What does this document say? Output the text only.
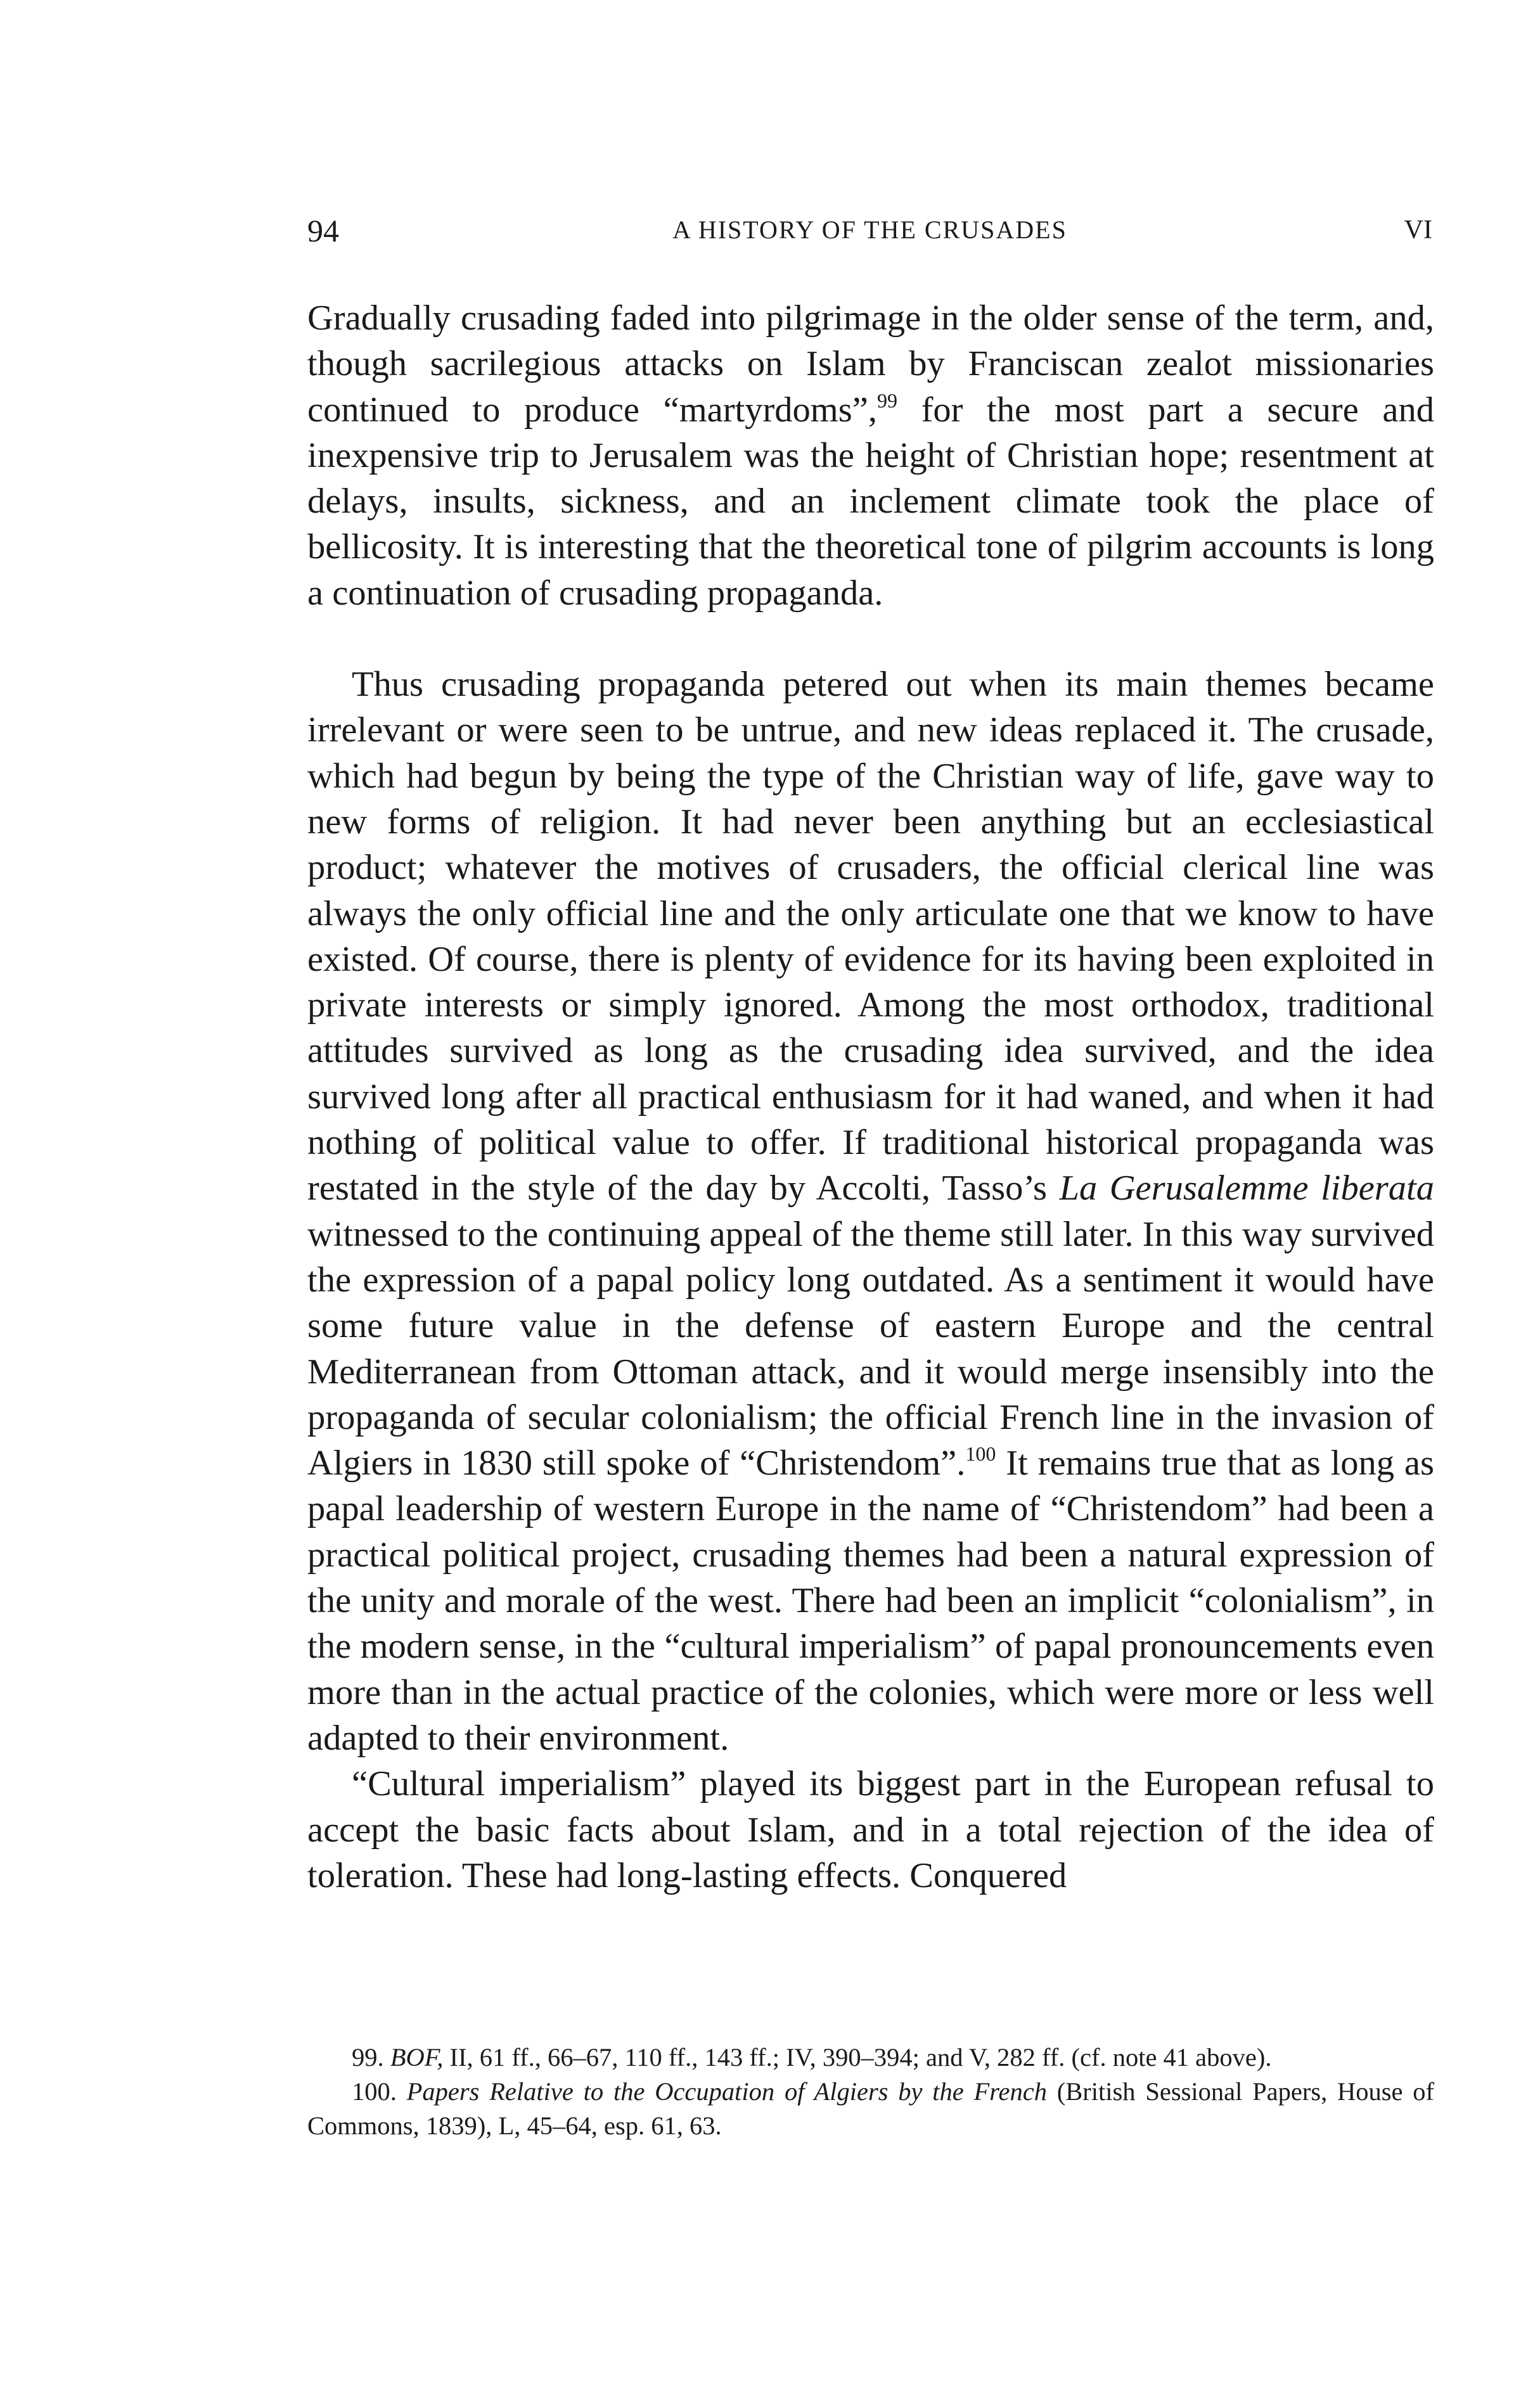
94	A HISTORY OF THE CRUSADES	VI

Gradually crusading faded into pilgrimage in the older sense of the term, and, though sacrilegious attacks on Islam by Franciscan zealot missionaries continued to produce “martyrdoms”,$^{99}$ for the most part a secure and inexpensive trip to Jerusalem was the height of Christian hope; resentment at delays, insults, sickness, and an inclement climate took the place of bellicosity. It is interesting that the theoretical tone of pilgrim accounts is long a continuation of crusading propaganda.

Thus crusading propaganda petered out when its main themes became irrelevant or were seen to be untrue, and new ideas replaced it. The crusade, which had begun by being the type of the Christian way of life, gave way to new forms of religion. It had never been anything but an ecclesiastical product; whatever the motives of crusaders, the official clerical line was always the only official line and the only articulate one that we know to have existed. Of course, there is plenty of evidence for its having been exploited in private interests or simply ignored. Among the most orthodox, traditional attitudes survived as long as the crusading idea survived, and the idea survived long after all practical enthusiasm for it had waned, and when it had nothing of political value to offer. If traditional historical propaganda was restated in the style of the day by Accolti, Tasso’s La Gerusalemme liberata witnessed to the continuing appeal of the theme still later. In this way survived the expression of a papal policy long outdated. As a sentiment it would have some future value in the defense of eastern Europe and the central Mediterranean from Ottoman attack, and it would merge insensibly into the propaganda of secular colonialism; the official French line in the invasion of Algiers in 1830 still spoke of “Christendom”.$^{100}$ It remains true that as long as papal leadership of western Europe in the name of “Christendom” had been a practical political project, crusading themes had been a natural expression of the unity and morale of the west. There had been an implicit “colonialism”, in the modern sense, in the “cultural imperialism” of papal pronouncements even more than in the actual practice of the colonies, which were more or less well adapted to their environment.

“Cultural imperialism” played its biggest part in the European refusal to accept the basic facts about Islam, and in a total rejection of the idea of toleration. These had long-lasting effects. Conquered

99. BOF, II, 61 ff., 66–67, 110 ff., 143 ff.; IV, 390–394; and V, 282 ff. (cf. note 41 above).

100. Papers Relative to the Occupation of Algiers by the French (British Sessional Papers, House of Commons, 1839), L, 45–64, esp. 61, 63.
